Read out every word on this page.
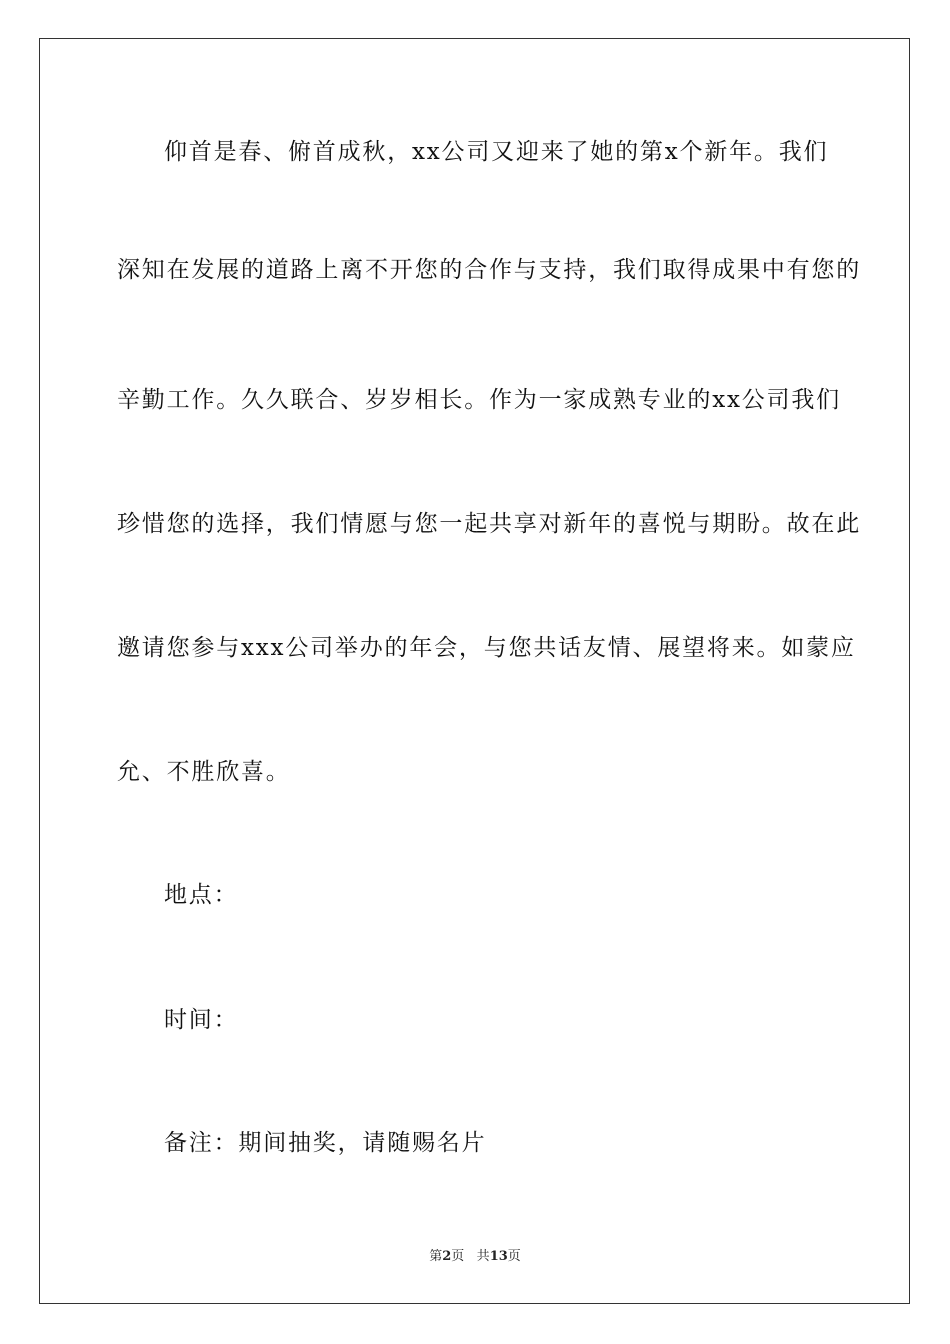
仰首是春、俯首成秋，xx公司又迎来了她的第x个新年。我们
深知在发展的道路上离不开您的合作与支持，我们取得成果中有您的
辛勤工作。久久联合、岁岁相长。作为一家成熟专业的xx公司我们
珍惜您的选择，我们情愿与您一起共享对新年的喜悦与期盼。故在此
邀请您参与xxx公司举办的年会，与您共话友情、展望将来。如蒙应
允、不胜欣喜。
地点：
时间：
备注：期间抽奖，请随赐名片
第2页 共13页
